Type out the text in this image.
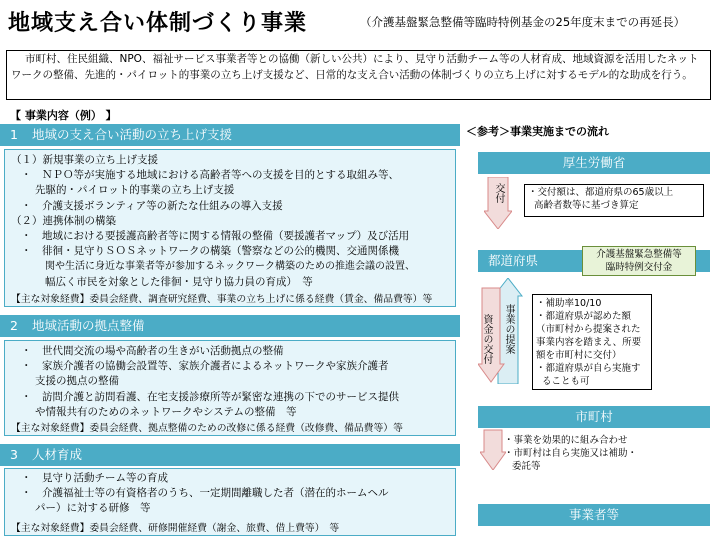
地域支え合い体制づくり事業	（介護基盤緊急整備等臨時特例基金の25年度末までの再延長）
市町村、住民組織、NPO、福祉サービス事業者等との協働（新しい公共）により、見守り活動チーム等の人材育成、地域資源を活用したネットワークの整備、先進的・パイロット的事業の立ち上げ支援など、日常的な支え合い活動の体制づくりの立ち上げに対するモデル的な助成を行う。
【 事業内容（例） 】
＜参考＞事業実施までの流れ
1 地域の支え合い活動の立ち上げ支援
（１）新規事業の立ち上げ支援
・　ＮＰＯ等が実施する地域における高齢者等への支援を目的とする取組み等、
先駆的・パイロット的事業の立ち上げ支援
・　介護支援ボランティア等の新たな仕組みの導入支援
（２）連携体制の構築
・　地域における要援護高齢者等に関する情報の整備（要援護者マップ）及び活用
・　徘徊・見守りＳＯＳネットワークの構築（警察などの公的機関、交通関係機
関や生活に身近な事業者等が参加するネックワーク構築のための推進会議の設置、
幅広く市民を対象とした徘徊・見守り協力員の育成）　等
【主な対象経費】委員会経費、調査研究経費、事業の立ち上げに係る経費（賃金、備品費等）等
2 地域活動の拠点整備
・　世代間交流の場や高齢者の生きがい活動拠点の整備
・　家族介護者の協働会設置等、家族介護者によるネットワークや家族介護者
支援の拠点の整備
・　訪問介護と訪問看護、在宅支援診療所等が緊密な連携の下でのサービス提供
や情報共有のためのネットワークやシステムの整備　等
【主な対象経費】委員会経費、拠点整備のための改修に係る経費（改修費、備品費等）等
3 人材育成
・　見守り活動チーム等の育成
・　介護福祉士等の有資格者のうち、一定期間離職した者（潜在的ホームヘル
パー）に対する研修　等
【主な対象経費】委員会経費、研修開催経費（謝金、旅費、借上費等）　等
厚生労働省
交付	・交付額は、都道府県の65歳以上
高齢者数等に基づき算定
都道府県	介護基盤緊急整備等
臨時特例交付金
資金の交付 事業の提案
・補助率10/10
・都道府県が認めた額
（市町村から提案された
事業内容を踏まえ、所要
額を市町村に交付）
・都道府県が自ら実施す
ることも可
市町村
・事業を効果的に組み合わせ
・市町村は自ら実施又は補助・
委託等
事業者等
